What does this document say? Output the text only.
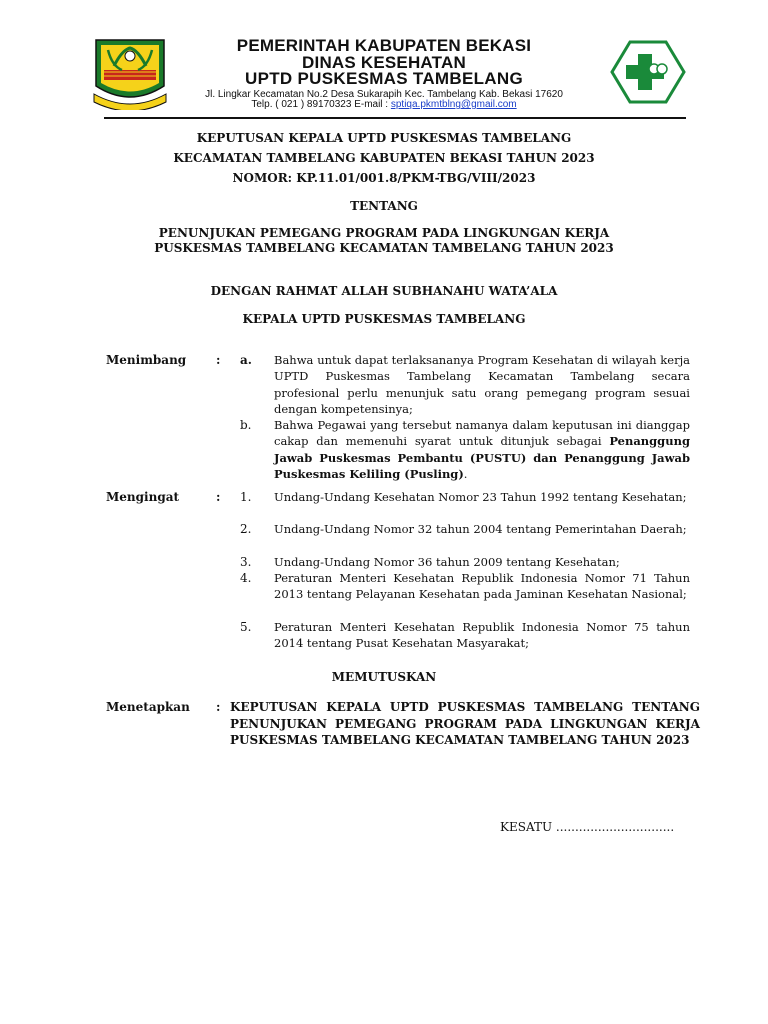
PEMERINTAH KABUPATEN BEKASI
DINAS KESEHATAN
UPTD PUSKESMAS TAMBELANG
Jl. Lingkar Kecamatan No.2 Desa Sukarapih Kec. Tambelang Kab. Bekasi 17620
Telp. ( 021 ) 89170323 E-mail : sptiqa.pkmtblng@gmail.com
KEPUTUSAN KEPALA UPTD PUSKESMAS TAMBELANG
KECAMATAN TAMBELANG KABUPATEN BEKASI TAHUN 2023
NOMOR: KP.11.01/001.8/PKM-TBG/VIII/2023
TENTANG
PENUNJUKAN PEMEGANG PROGRAM PADA LINGKUNGAN KERJA
PUSKESMAS TAMBELANG KECAMATAN TAMBELANG TAHUN 2023
DENGAN RAHMAT ALLAH SUBHANAHU WATA’ALA
KEPALA UPTD PUSKESMAS TAMBELANG
Menimbang : a. Bahwa untuk dapat terlaksananya Program Kesehatan di wilayah kerja UPTD Puskesmas Tambelang Kecamatan Tambelang secara profesional perlu menunjuk satu orang pemegang program sesuai dengan kompetensinya;
b. Bahwa Pegawai yang tersebut namanya dalam keputusan ini dianggap cakap dan memenuhi syarat untuk ditunjuk sebagai Penanggung Jawab Puskesmas Pembantu (PUSTU) dan Penanggung Jawab Puskesmas Keliling (Pusling).
Mengingat	: 1. Undang-Undang Kesehatan Nomor 23 Tahun 1992 tentang Kesehatan;
2. Undang-Undang Nomor 32 tahun 2004 tentang Pemerintahan Daerah;
3. Undang-Undang Nomor 36 tahun 2009 tentang Kesehatan;
4. Peraturan Menteri Kesehatan Republik Indonesia Nomor 71 Tahun 2013 tentang Pelayanan Kesehatan pada Jaminan Kesehatan Nasional;
5. Peraturan Menteri Kesehatan Republik Indonesia Nomor 75 tahun 2014 tentang Pusat Kesehatan Masyarakat;
MEMUTUSKAN
Menetapkan : KEPUTUSAN KEPALA UPTD PUSKESMAS TAMBELANG TENTANG PENUNJUKAN PEMEGANG PROGRAM PADA LINGKUNGAN KERJA PUSKESMAS TAMBELANG KECAMATAN TAMBELANG TAHUN 2023
KESATU ...............................
